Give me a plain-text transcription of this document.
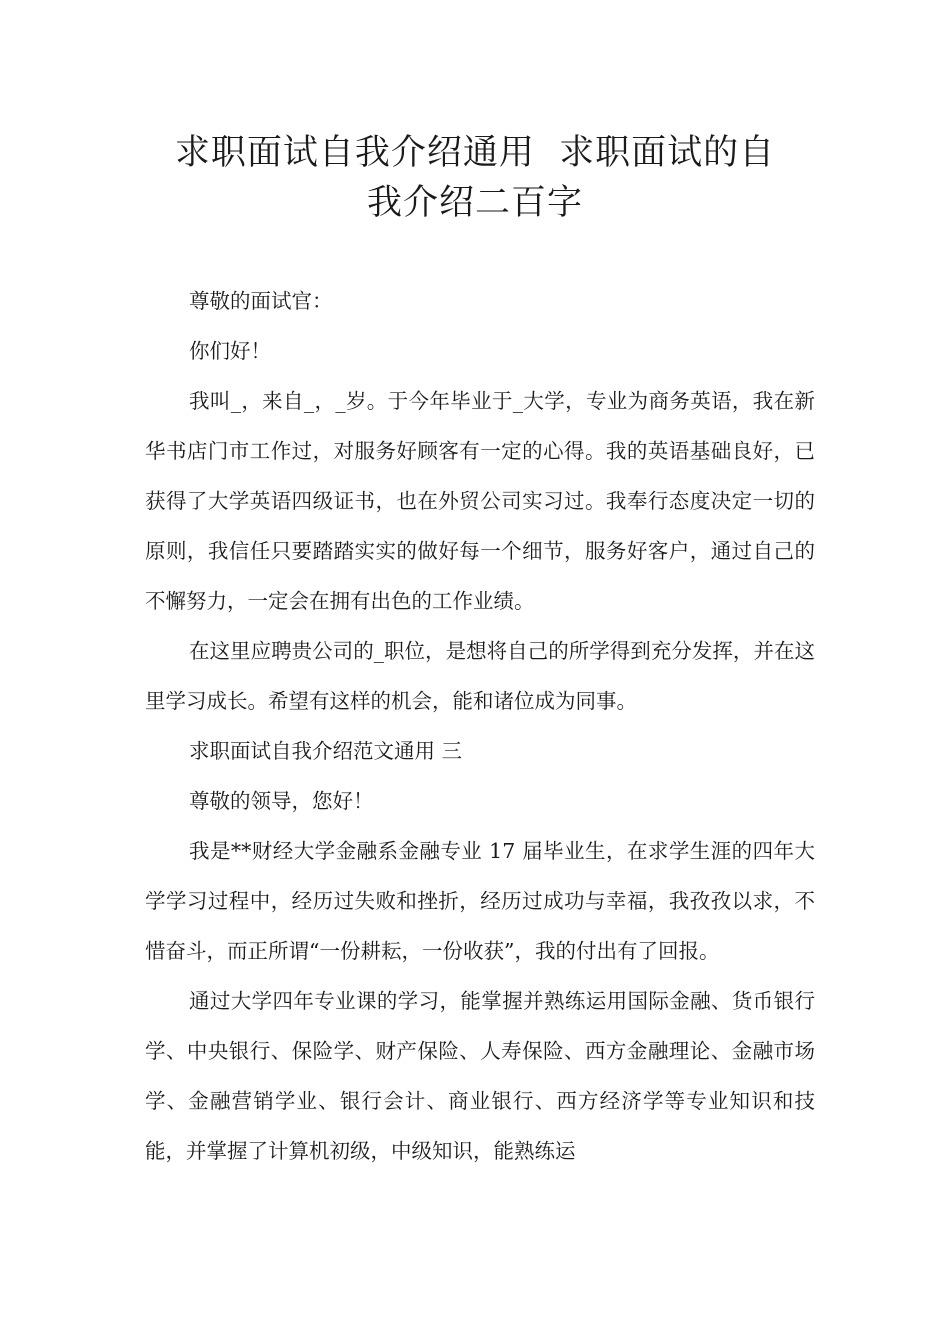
求职面试自我介绍通用  求职面试的自
我介绍二百字

尊敬的面试官：

你们好！

我叫_，来自_，_岁。于今年毕业于_大学，专业为商务英语，我在新华书店门市工作过，对服务好顾客有一定的心得。我的英语基础良好，已获得了大学英语四级证书，也在外贸公司实习过。我奉行态度决定一切的原则，我信任只要踏踏实实的做好每一个细节，服务好客户，通过自己的不懈努力，一定会在拥有出色的工作业绩。

在这里应聘贵公司的_职位，是想将自己的所学得到充分发挥，并在这里学习成长。希望有这样的机会，能和诸位成为同事。

求职面试自我介绍范文通用 三

尊敬的领导，您好！

我是**财经大学金融系金融专业 17 届毕业生，在求学生涯的四年大学学习过程中，经历过失败和挫折，经历过成功与幸福，我孜孜以求，不惜奋斗，而正所谓“一份耕耘，一份收获”，我的付出有了回报。

通过大学四年专业课的学习，能掌握并熟练运用国际金融、货币银行学、中央银行、保险学、财产保险、人寿保险、西方金融理论、金融市场学、金融营销学业、银行会计、商业银行、西方经济学等专业知识和技能，并掌握了计算机初级，中级知识，能熟练运
